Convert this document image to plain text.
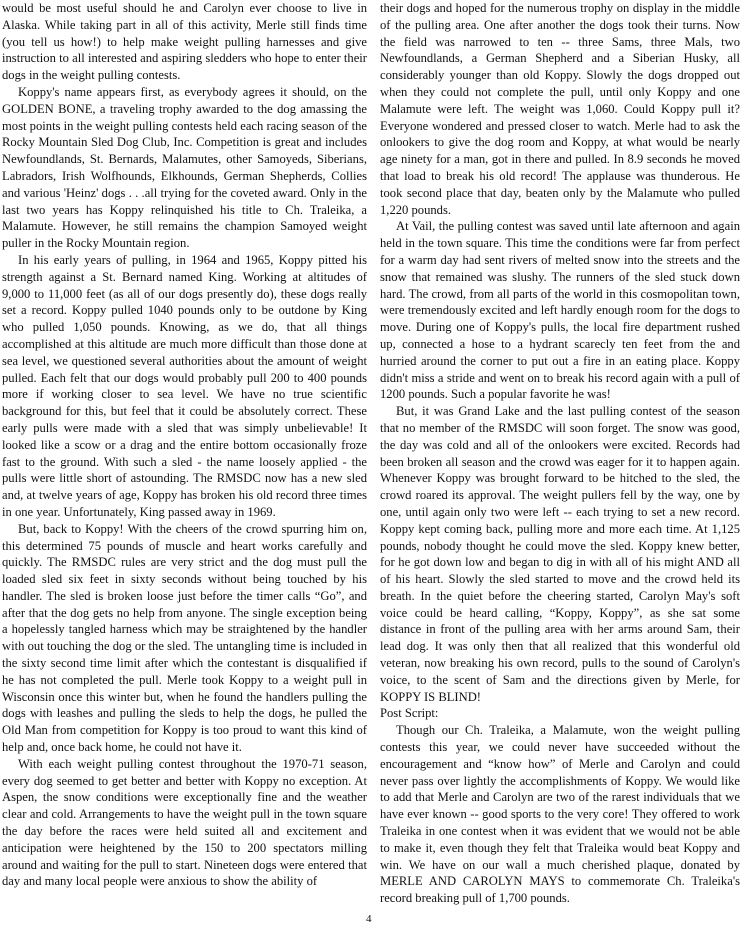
would be most useful should he and Carolyn ever choose to live in Alaska. While taking part in all of this activity, Merle still finds time (you tell us how!) to help make weight pulling harnesses and give instruction to all interested and aspiring sledders who hope to enter their dogs in the weight pulling contests.

Koppy's name appears first, as everybody agrees it should, on the GOLDEN BONE, a traveling trophy awarded to the dog amassing the most points in the weight pulling contests held each racing season of the Rocky Mountain Sled Dog Club, Inc. Competition is great and includes Newfoundlands, St. Bernards, Malamutes, other Samoyeds, Siberians, Labradors, Irish Wolfhounds, Elkhounds, German Shepherds, Collies and various 'Heinz' dogs . . .all trying for the coveted award. Only in the last two years has Koppy relinquished his title to Ch. Traleika, a Malamute. However, he still remains the champion Samoyed weight puller in the Rocky Mountain region.

In his early years of pulling, in 1964 and 1965, Koppy pitted his strength against a St. Bernard named King. Working at altitudes of 9,000 to 11,000 feet (as all of our dogs presently do), these dogs really set a record. Koppy pulled 1040 pounds only to be outdone by King who pulled 1,050 pounds. Knowing, as we do, that all things accomplished at this altitude are much more difficult than those done at sea level, we questioned several authorities about the amount of weight pulled. Each felt that our dogs would probably pull 200 to 400 pounds more if working closer to sea level. We have no true scientific background for this, but feel that it could be absolutely correct. These early pulls were made with a sled that was simply unbelievable! It looked like a scow or a drag and the entire bottom occasionally froze fast to the ground. With such a sled - the name loosely applied - the pulls were little short of astounding. The RMSDC now has a new sled and, at twelve years of age, Koppy has broken his old record three times in one year. Unfortunately, King passed away in 1969.

But, back to Koppy! With the cheers of the crowd spurring him on, this determined 75 pounds of muscle and heart works carefully and quickly. The RMSDC rules are very strict and the dog must pull the loaded sled six feet in sixty seconds without being touched by his handler. The sled is broken loose just before the timer calls “Go”, and after that the dog gets no help from anyone. The single exception being a hopelessly tangled harness which may be straightened by the handler with out touching the dog or the sled. The untangling time is included in the sixty second time limit after which the contestant is disqualified if he has not completed the pull. Merle took Koppy to a weight pull in Wisconsin once this winter but, when he found the handlers pulling the dogs with leashes and pulling the sleds to help the dogs, he pulled the Old Man from competition for Koppy is too proud to want this kind of help and, once back home, he could not have it.

With each weight pulling contest throughout the 1970-71 season, every dog seemed to get better and better with Koppy no exception. At Aspen, the snow conditions were exceptionally fine and the weather clear and cold. Arrangements to have the weight pull in the town square the day before the races were held suited all and excitement and anticipation were heightened by the 150 to 200 spectators milling around and waiting for the pull to start. Nineteen dogs were entered that day and many local people were anxious to show the ability of

their dogs and hoped for the numerous trophy on display in the middle of the pulling area. One after another the dogs took their turns. Now the field was narrowed to ten -- three Sams, three Mals, two Newfoundlands, a German Shepherd and a Siberian Husky, all considerably younger than old Koppy. Slowly the dogs dropped out when they could not complete the pull, until only Koppy and one Malamute were left. The weight was 1,060. Could Koppy pull it? Everyone wondered and pressed closer to watch. Merle had to ask the onlookers to give the dog room and Koppy, at what would be nearly age ninety for a man, got in there and pulled. In 8.9 seconds he moved that load to break his old record! The applause was thunderous. He took second place that day, beaten only by the Malamute who pulled 1,220 pounds.

At Vail, the pulling contest was saved until late afternoon and again held in the town square. This time the conditions were far from perfect for a warm day had sent rivers of melted snow into the streets and the snow that remained was slushy. The runners of the sled stuck down hard. The crowd, from all parts of the world in this cosmopolitan town, were tremendously excited and left hardly enough room for the dogs to move. During one of Koppy's pulls, the local fire department rushed up, connected a hose to a hydrant scarecly ten feet from the and hurried around the corner to put out a fire in an eating place. Koppy didn't miss a stride and went on to break his record again with a pull of 1200 pounds. Such a popular favorite he was!

But, it was Grand Lake and the last pulling contest of the season that no member of the RMSDC will soon forget. The snow was good, the day was cold and all of the onlookers were excited. Records had been broken all season and the crowd was eager for it to happen again. Whenever Koppy was brought forward to be hitched to the sled, the crowd roared its approval. The weight pullers fell by the way, one by one, until again only two were left -- each trying to set a new record. Koppy kept coming back, pulling more and more each time. At 1,125 pounds, nobody thought he could move the sled. Koppy knew better, for he got down low and began to dig in with all of his might AND all of his heart. Slowly the sled started to move and the crowd held its breath. In the quiet before the cheering started, Carolyn May's soft voice could be heard calling, “Koppy, Koppy”, as she sat some distance in front of the pulling area with her arms around Sam, their lead dog. It was only then that all realized that this wonderful old veteran, now breaking his own record, pulls to the sound of Carolyn's voice, to the scent of Sam and the directions given by Merle, for KOPPY IS BLIND!

Post Script:

Though our Ch. Traleika, a Malamute, won the weight pulling contests this year, we could never have succeeded without the encouragement and “know how” of Merle and Carolyn and could never pass over lightly the accomplishments of Koppy. We would like to add that Merle and Carolyn are two of the rarest individuals that we have ever known -- good sports to the very core! They offered to work Traleika in one contest when it was evident that we would not be able to make it, even though they felt that Traleika would beat Koppy and win. We have on our wall a much cherished plaque, donated by MERLE AND CAROLYN MAYS to commemorate Ch. Traleika's record breaking pull of 1,700 pounds.

4
